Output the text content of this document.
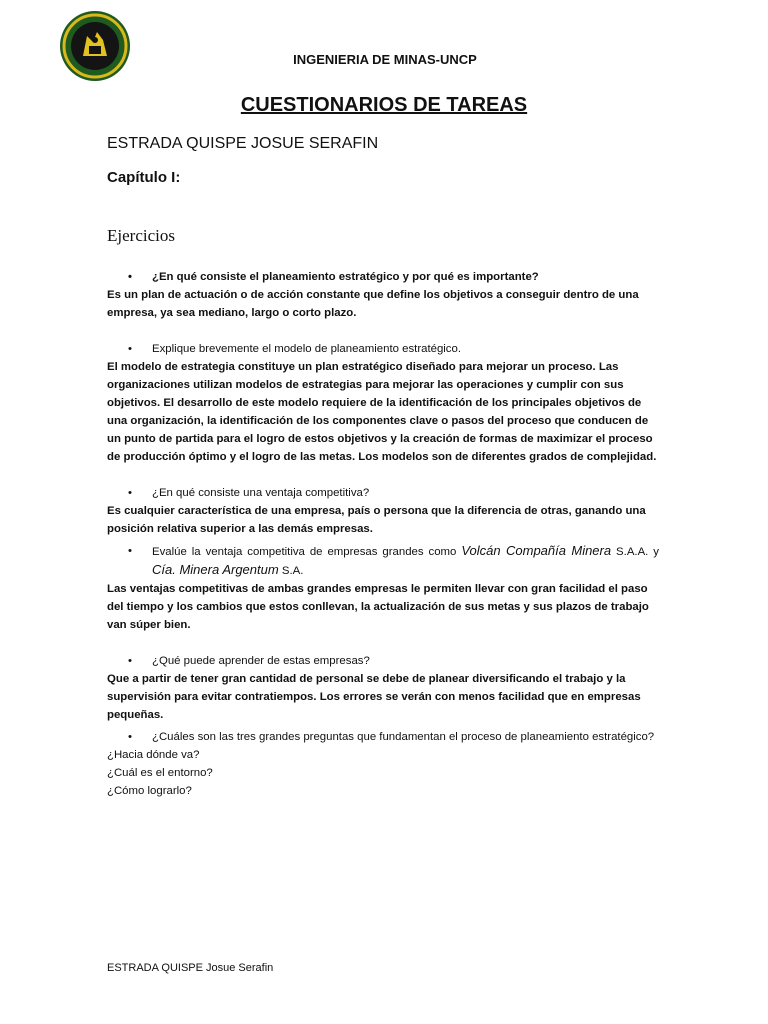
INGENIERIA DE MINAS-UNCP
CUESTIONARIOS DE TAREAS
ESTRADA QUISPE JOSUE SERAFIN
Capítulo I:
Ejercicios
• ¿En qué consiste el planeamiento estratégico y por qué es importante?

Es un plan de actuación o de acción constante que define los objetivos a conseguir dentro de una empresa, ya sea mediano, largo o corto plazo.

• Explique brevemente el modelo de planeamiento estratégico.

El modelo de estrategia constituye un plan estratégico diseñado para mejorar un proceso. Las organizaciones utilizan modelos de estrategias para mejorar las operaciones y cumplir con sus objetivos. El desarrollo de este modelo requiere de la identificación de los principales objetivos de una organización, la identificación de los componentes clave o pasos del proceso que conducen de un punto de partida para el logro de estos objetivos y la creación de formas de maximizar el proceso de producción óptimo y el logro de las metas. Los modelos son de diferentes grados de complejidad.

• ¿En qué consiste una ventaja competitiva?

Es cualquier característica de una empresa, país o persona que la diferencia de otras, ganando una posición relativa superior a las demás empresas.

• Evalúe la ventaja competitiva de empresas grandes como Volcán Compañía Minera S.A.A. y Cía. Minera Argentum S.A.

Las ventajas competitivas de ambas grandes empresas le permiten llevar con gran facilidad el paso del tiempo y los cambios que estos conllevan, la actualización de sus metas y sus plazos de trabajo van súper bien.

• ¿Qué puede aprender de estas empresas?

Que a partir de tener gran cantidad de personal se debe de planear diversificando el trabajo y la supervisión para evitar contratiempos. Los errores se verán con menos facilidad que en empresas pequeñas.

• ¿Cuáles son las tres grandes preguntas que fundamentan el proceso de planeamiento estratégico?

¿Hacia dónde va?

¿Cuál es el entorno?

¿Cómo lograrlo?

ESTRADA QUISPE Josue Serafin
